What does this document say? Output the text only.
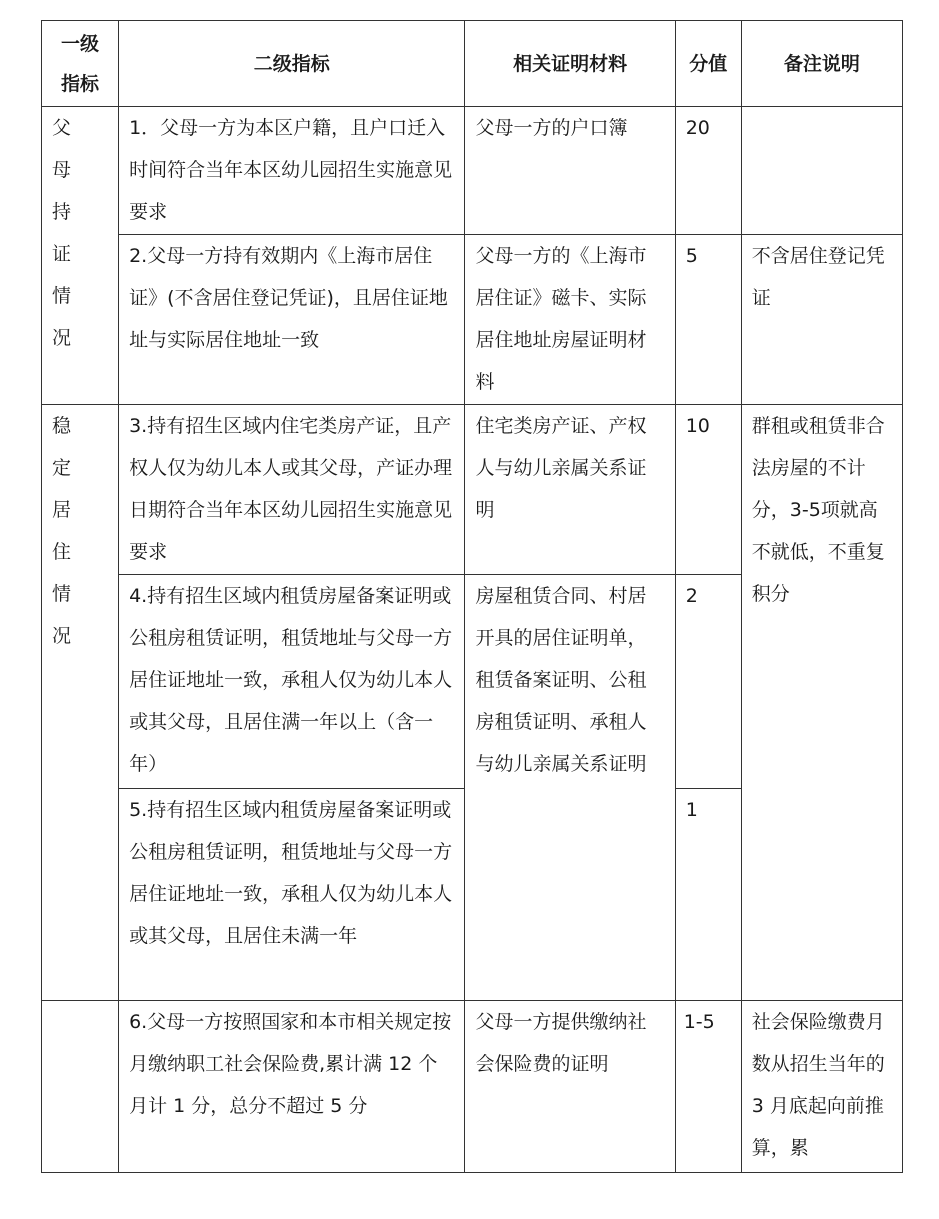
一级指标	二级指标	相关证明材料	分值	备注说明
父母持证情况	1．父母一方为本区户籍，且户口迁入时间符合当年本区幼儿园招生实施意见要求	父母一方的户口簿	20	
	2.父母一方持有效期内《上海市居住证》(不含居住登记凭证)，且居住证地址与实际居住地址一致	父母一方的《上海市居住证》磁卡、实际居住地址房屋证明材料	5	不含居住登记凭证
稳定居住情况	3.持有招生区域内住宅类房产证，且产权人仅为幼儿本人或其父母，产证办理日期符合当年本区幼儿园招生实施意见要求	住宅类房产证、产权人与幼儿亲属关系证明	10	群租或租赁非合法房屋的不计分，3-5项就高不就低，不重复积分
	4.持有招生区域内租赁房屋备案证明或公租房租赁证明，租赁地址与父母一方居住证地址一致，承租人仅为幼儿本人或其父母，且居住满一年以上（含一年）	房屋租赁合同、村居开具的居住证明单，租赁备案证明、公租房租赁证明、承租人与幼儿亲属关系证明	2	
	5.持有招生区域内租赁房屋备案证明或公租房租赁证明，租赁地址与父母一方居住证地址一致，承租人仅为幼儿本人或其父母，且居住未满一年		1	
	6.父母一方按照国家和本市相关规定按月缴纳职工社会保险费,累计满 12 个月计 1 分，总分不超过 5 分	父母一方提供缴纳社会保险费的证明	1-5	社会保险缴费月数从招生当年的 3 月底起向前推算，累
